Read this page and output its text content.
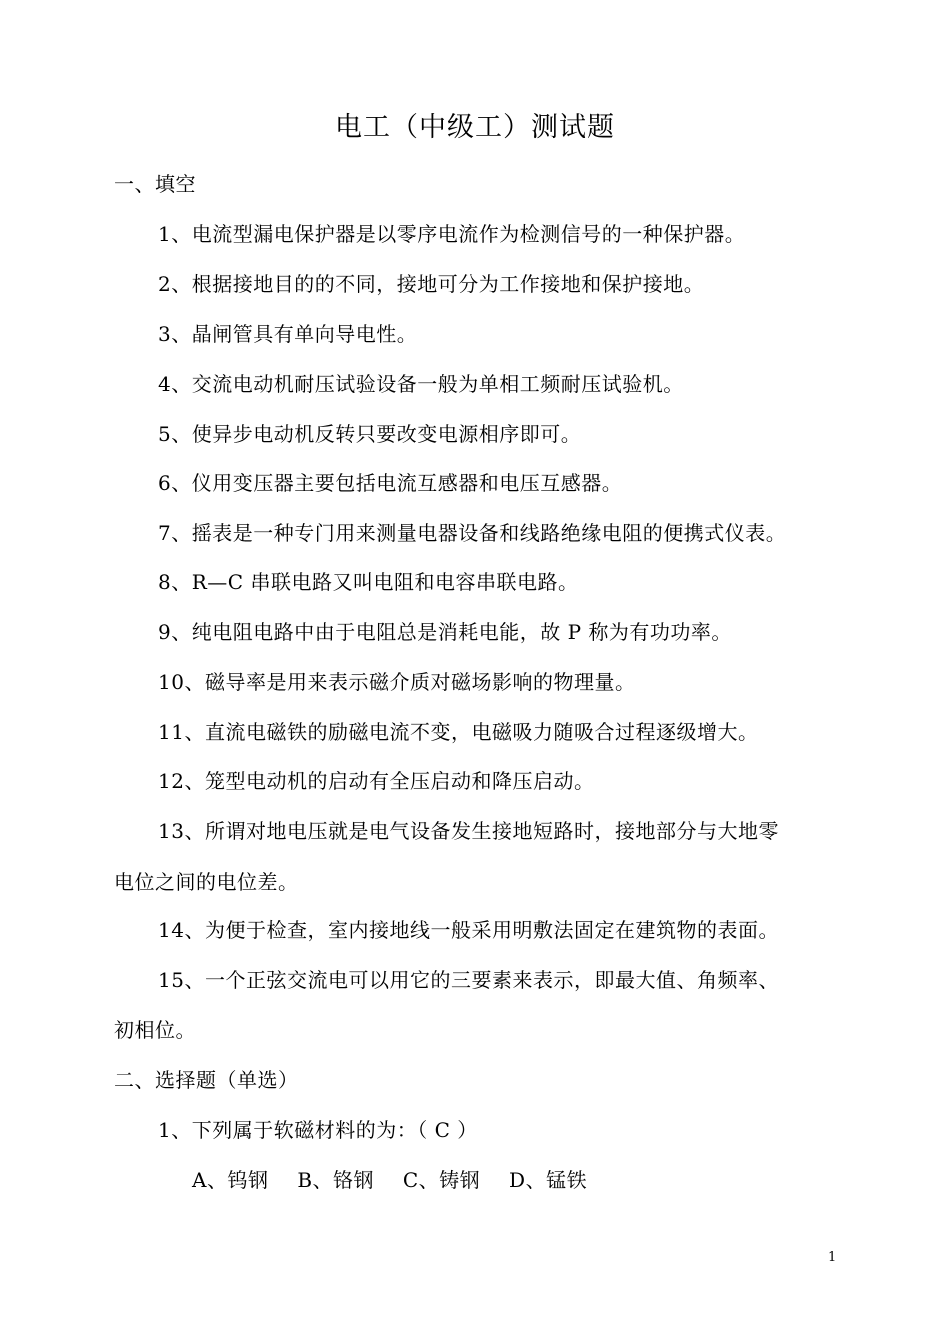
电工（中级工）测试题
一、填空
1、电流型漏电保护器是以零序电流作为检测信号的一种保护器。
2、根据接地目的的不同，接地可分为工作接地和保护接地。
3、晶闸管具有单向导电性。
4、交流电动机耐压试验设备一般为单相工频耐压试验机。
5、使异步电动机反转只要改变电源相序即可。
6、仪用变压器主要包括电流互感器和电压互感器。
7、摇表是一种专门用来测量电器设备和线路绝缘电阻的便携式仪表。
8、R—C 串联电路又叫电阻和电容串联电路。
9、纯电阻电路中由于电阻总是消耗电能，故 P 称为有功功率。
10、磁导率是用来表示磁介质对磁场影响的物理量。
11、直流电磁铁的励磁电流不变，电磁吸力随吸合过程逐级增大。
12、笼型电动机的启动有全压启动和降压启动。
13、所谓对地电压就是电气设备发生接地短路时，接地部分与大地零
电位之间的电位差。
14、为便于检查，室内接地线一般采用明敷法固定在建筑物的表面。
15、一个正弦交流电可以用它的三要素来表示，即最大值、角频率、
初相位。
二、选择题（单选）
1、下列属于软磁材料的为：（ C ）
A、钨钢 B、铬钢 C、铸钢 D、锰铁
1
